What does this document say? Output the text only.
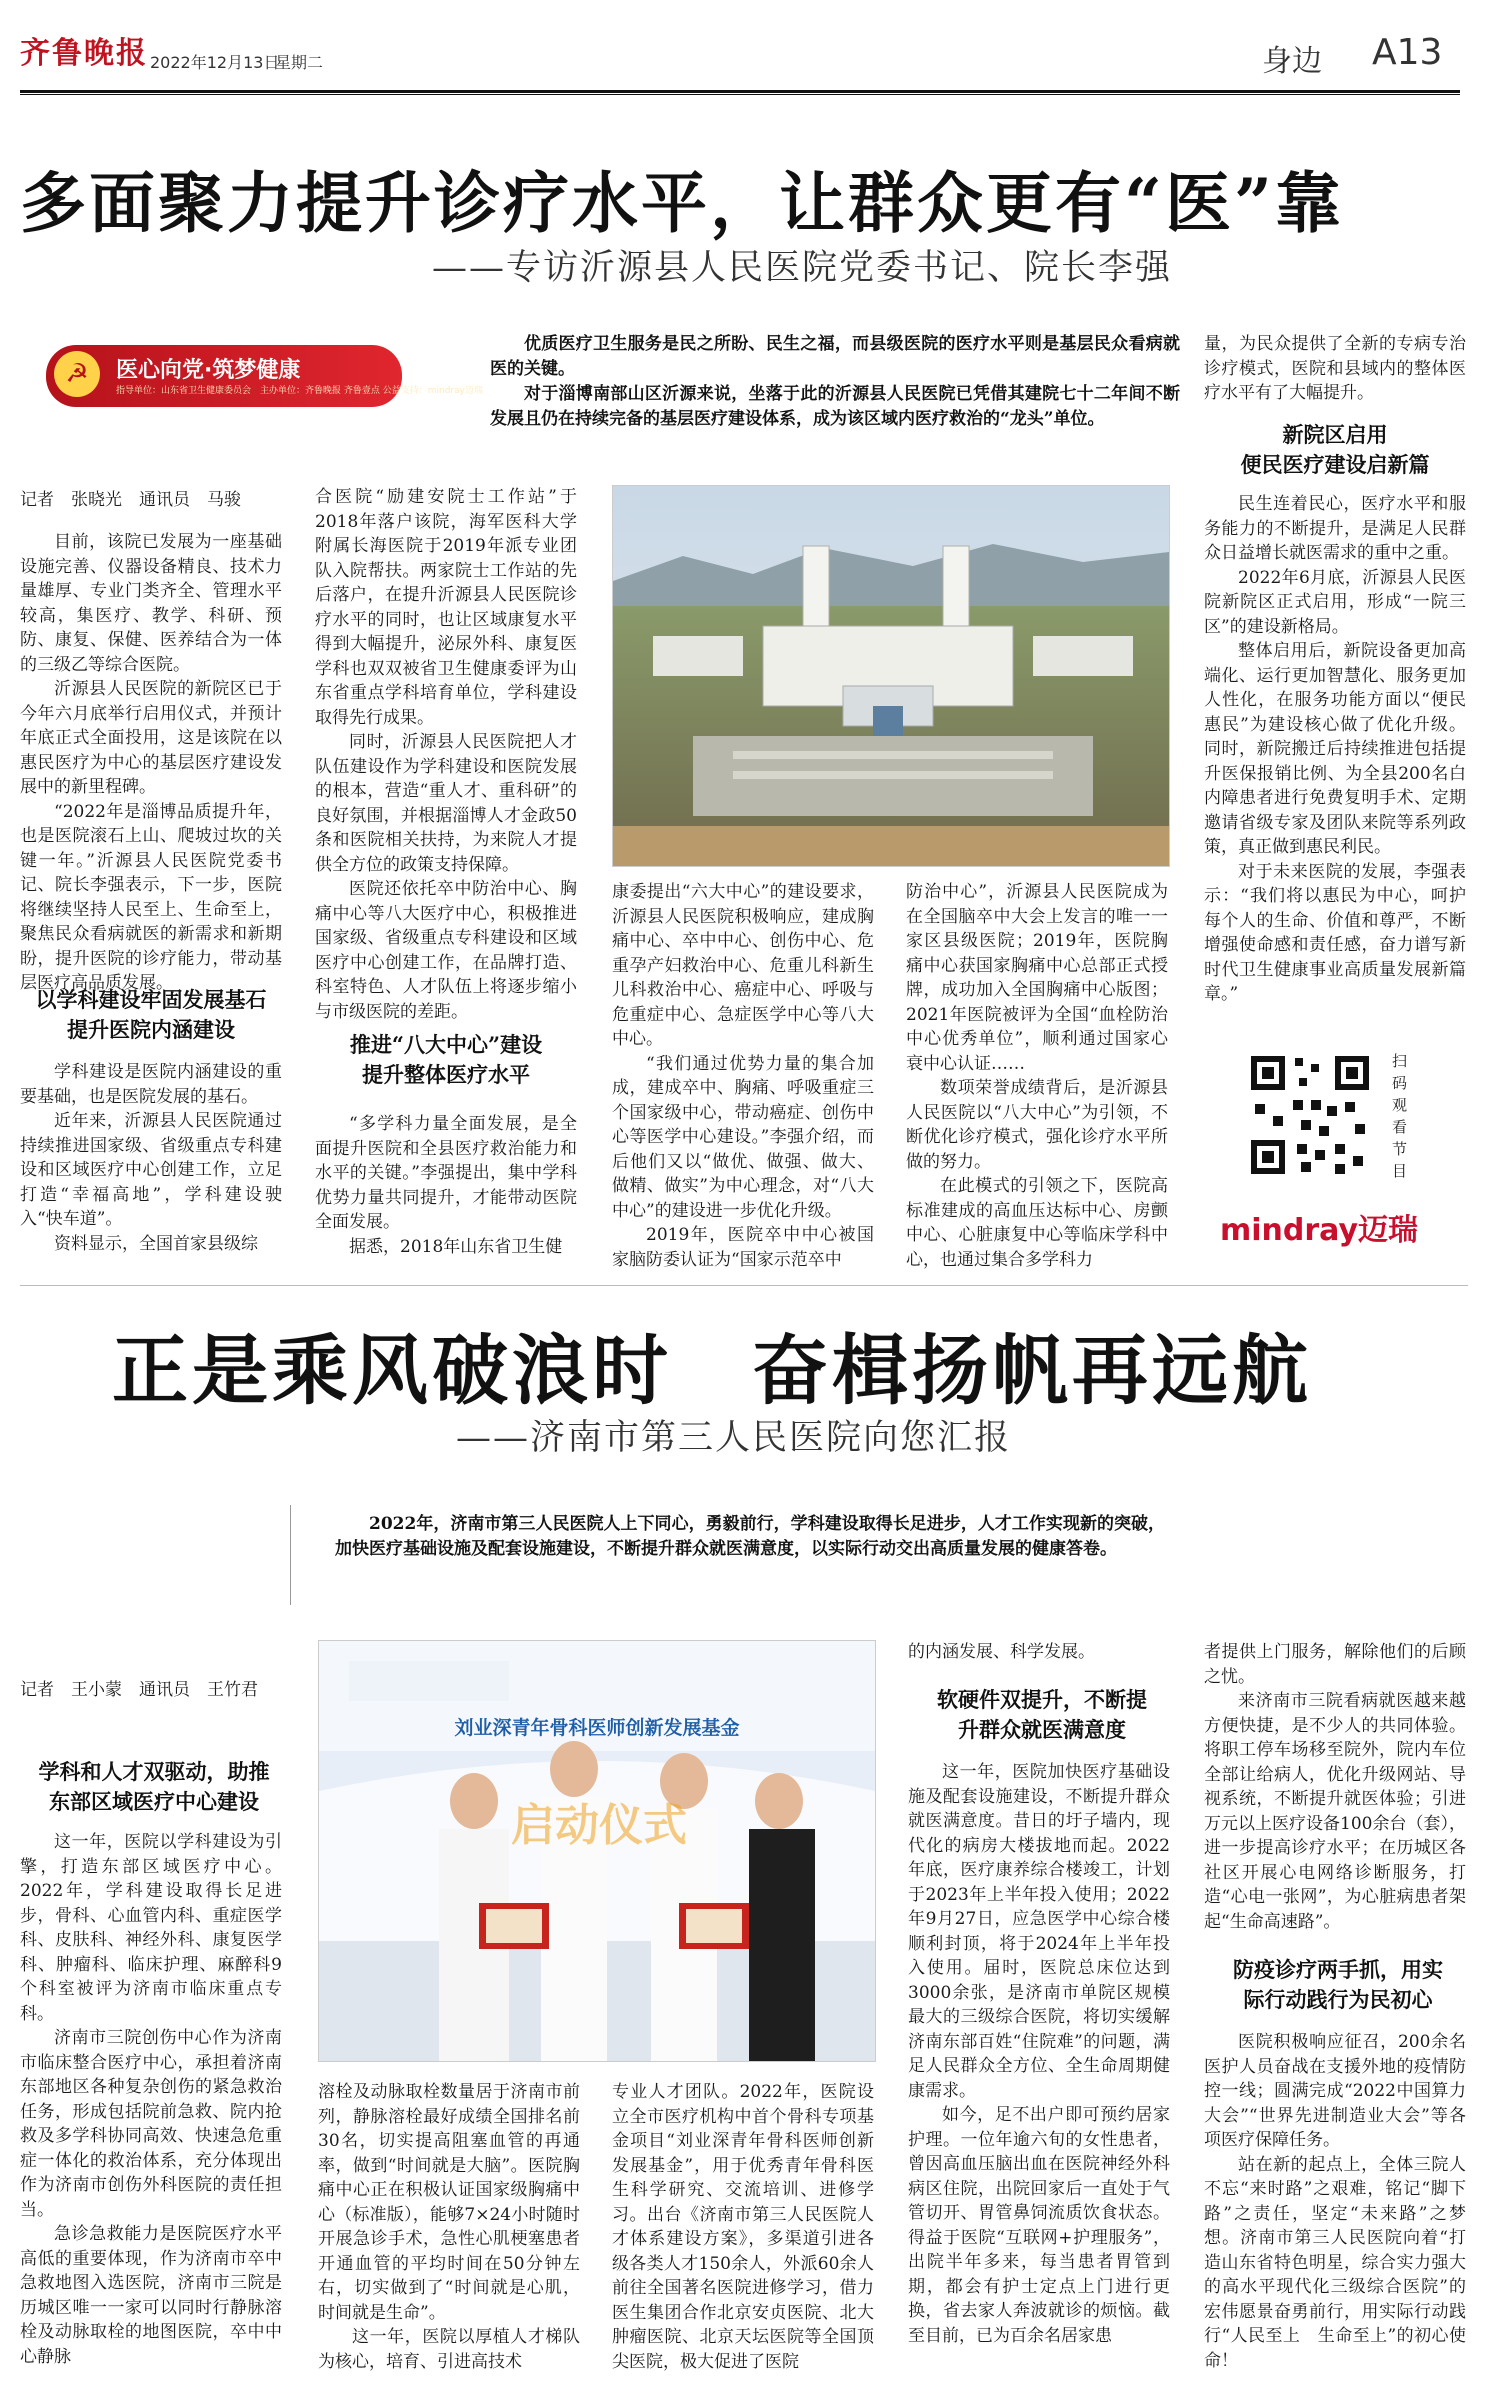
齐鲁晚报 2022年12月13日
星期二	身边 A13
多面聚力提升诊疗水平，让群众更有“医”靠
——专访沂源县人民医院党委书记、院长李强
☭	医心向党·筑梦健康
指导单位：山东省卫生健康委员会　主办单位：齐鲁晚报 齐鲁壹点 公益支持：mindray迈瑞

优质医疗卫生服务是民之所盼、民生之福，而县级医院的医疗水平则是基层民众看病就医的关键。

对于淄博南部山区沂源来说，坐落于此的沂源县人民医院已凭借其建院七十二年间不断发展且仍在持续完备的基层医疗建设体系，成为该区域内医疗救治的“龙头”单位。

记者　张晓光　通讯员　马骏

目前，该院已发展为一座基础设施完善、仪器设备精良、技术力量雄厚、专业门类齐全、管理水平较高，集医疗、教学、科研、预防、康复、保健、医养结合为一体的三级乙等综合医院。

沂源县人民医院的新院区已于今年六月底举行启用仪式，并预计年底正式全面投用，这是该院在以惠民医疗为中心的基层医疗建设发展中的新里程碑。

“2022年是淄博品质提升年，也是医院滚石上山、爬坡过坎的关键一年。”沂源县人民医院党委书记、院长李强表示，下一步，医院将继续坚持人民至上、生命至上，聚焦民众看病就医的新需求和新期盼，提升医院的诊疗能力，带动基层医疗高品质发展。

以学科建设牢固发展基石
提升医院内涵建设

学科建设是医院内涵建设的重要基础，也是医院发展的基石。

近年来，沂源县人民医院通过持续推进国家级、省级重点专科建设和区域医疗中心创建工作，立足打造“幸福高地”，学科建设驶入“快车道”。

资料显示，全国首家县级综

合医院“励建安院士工作站”于2018年落户该院，海军医科大学附属长海医院于2019年派专业团队入院帮扶。两家院士工作站的先后落户，在提升沂源县人民医院诊疗水平的同时，也让区域康复水平得到大幅提升，泌尿外科、康复医学科也双双被省卫生健康委评为山东省重点学科培育单位，学科建设取得先行成果。

同时，沂源县人民医院把人才队伍建设作为学科建设和医院发展的根本，营造“重人才、重科研”的良好氛围，并根据淄博人才金政50条和医院相关扶持，为来院人才提供全方位的政策支持保障。

医院还依托卒中防治中心、胸痛中心等八大医疗中心，积极推进国家级、省级重点专科建设和区域医疗中心创建工作，在品牌打造、科室特色、人才队伍上将逐步缩小与市级医院的差距。

推进“八大中心”建设
提升整体医疗水平

“多学科力量全面发展，是全面提升医院和全县医疗救治能力和水平的关键。”李强提出，集中学科优势力量共同提升，才能带动医院全面发展。

据悉，2018年山东省卫生健

康委提出“六大中心”的建设要求，沂源县人民医院积极响应，建成胸痛中心、卒中中心、创伤中心、危重孕产妇救治中心、危重儿科新生儿科救治中心、癌症中心、呼吸与危重症中心、急症医学中心等八大中心。

“我们通过优势力量的集合加成，建成卒中、胸痛、呼吸重症三个国家级中心，带动癌症、创伤中心等医学中心建设。”李强介绍，而后他们又以“做优、做强、做大、做精、做实”为中心理念，对“八大中心”的建设进一步优化升级。

2019年，医院卒中中心被国家脑防委认证为“国家示范卒中

防治中心”，沂源县人民医院成为在全国脑卒中大会上发言的唯一一家区县级医院；2019年，医院胸痛中心获国家胸痛中心总部正式授牌，成功加入全国胸痛中心版图；2021年医院被评为全国“血栓防治中心优秀单位”，顺利通过国家心衰中心认证……

数项荣誉成绩背后，是沂源县人民医院以“八大中心”为引领，不断优化诊疗模式，强化诊疗水平所做的努力。

在此模式的引领之下，医院高标准建成的高血压达标中心、房颤中心、心脏康复中心等临床学科中心，也通过集合多学科力

量，为民众提供了全新的专病专治诊疗模式，医院和县域内的整体医疗水平有了大幅提升。

新院区启用
便民医疗建设启新篇

民生连着民心，医疗水平和服务能力的不断提升，是满足人民群众日益增长就医需求的重中之重。

2022年6月底，沂源县人民医院新院区正式启用，形成“一院三区”的建设新格局。

整体启用后，新院设备更加高端化、运行更加智慧化、服务更加人性化，在服务功能方面以“便民惠民”为建设核心做了优化升级。同时，新院搬迁后持续推进包括提升医保报销比例、为全县200名白内障患者进行免费复明手术、定期邀请省级专家及团队来院等系列政策，真正做到惠民利民。

对于未来医院的发展，李强表示：“我们将以惠民为中心，呵护每个人的生命、价值和尊严，不断增强使命感和责任感，奋力谱写新时代卫生健康事业高质量发展新篇章。”

扫码观看节目
mindray迈瑞
正是乘风破浪时　奋楫扬帆再远航
——济南市第三人民医院向您汇报

2022年，济南市第三人民医院人上下同心，勇毅前行，学科建设取得长足进步，人才工作实现新的突破，加快医疗基础设施及配套设施建设，不断提升群众就医满意度，以实际行动交出高质量发展的健康答卷。

记者　王小蒙　通讯员　王竹君
学科和人才双驱动，助推
东部区域医疗中心建设

这一年，医院以学科建设为引擎，打造东部区域医疗中心。2022年，学科建设取得长足进步，骨科、心血管内科、重症医学科、皮肤科、神经外科、康复医学科、肿瘤科、临床护理、麻醉科9个科室被评为济南市临床重点专科。

济南市三院创伤中心作为济南市临床整合医疗中心，承担着济南东部地区各种复杂创伤的紧急救治任务，形成包括院前急救、院内抢救及多学科协同高效、快速急危重症一体化的救治体系，充分体现出作为济南市创伤外科医院的责任担当。

急诊急救能力是医院医疗水平高低的重要体现，作为济南市卒中急救地图入选医院，济南市三院是历城区唯一一家可以同时行静脉溶栓及动脉取栓的地图医院，卒中中心静脉

刘业深青年骨科医师创新发展基金
启动仪式

溶栓及动脉取栓数量居于济南市前列，静脉溶栓最好成绩全国排名前30名，切实提高阻塞血管的再通率，做到“时间就是大脑”。医院胸痛中心正在积极认证国家级胸痛中心（标准版），能够7×24小时随时开展急诊手术，急性心肌梗塞患者开通血管的平均时间在50分钟左右，切实做到了“时间就是心肌，时间就是生命”。

这一年，医院以厚植人才梯队为核心，培育、引进高技术

专业人才团队。2022年，医院设立全市医疗机构中首个骨科专项基金项目“刘业深青年骨科医师创新发展基金”，用于优秀青年骨科医生科学研究、交流培训、进修学习。出台《济南市第三人民医院人才体系建设方案》，多渠道引进各级各类人才150余人，外派60余人前往全国著名医院进修学习，借力医生集团合作北京安贞医院、北大肿瘤医院、北京天坛医院等全国顶尖医院，极大促进了医院

的内涵发展、科学发展。

软硬件双提升，不断提
升群众就医满意度

这一年，医院加快医疗基础设施及配套设施建设，不断提升群众就医满意度。昔日的圩子墙内，现代化的病房大楼拔地而起。2022年底，医疗康养综合楼竣工，计划于2023年上半年投入使用；2022年9月27日，应急医学中心综合楼顺利封顶，将于2024年上半年投入使用。届时，医院总床位达到3000余张，是济南市单院区规模最大的三级综合医院，将切实缓解济南东部百姓“住院难”的问题，满足人民群众全方位、全生命周期健康需求。

如今，足不出户即可预约居家护理。一位年逾六旬的女性患者，曾因高血压脑出血在医院神经外科病区住院，出院回家后一直处于气管切开、胃管鼻饲流质饮食状态。得益于医院“互联网+护理服务”，出院半年多来，每当患者胃管到期，都会有护士定点上门进行更换，省去家人奔波就诊的烦恼。截至目前，已为百余名居家患

者提供上门服务，解除他们的后顾之忧。

来济南市三院看病就医越来越方便快捷，是不少人的共同体验。将职工停车场移至院外，院内车位全部让给病人，优化升级网站、导视系统，不断提升就医体验；引进万元以上医疗设备100余台（套），进一步提高诊疗水平；在历城区各社区开展心电网络诊断服务，打造“心电一张网”，为心脏病患者架起“生命高速路”。

防疫诊疗两手抓，用实
际行动践行为民初心

医院积极响应征召，200余名医护人员奋战在支援外地的疫情防控一线；圆满完成“2022中国算力大会”“世界先进制造业大会”等各项医疗保障任务。

站在新的起点上，全体三院人不忘“来时路”之艰难，铭记“脚下路”之责任，坚定“未来路”之梦想。济南市第三人民医院向着“打造山东省特色明星，综合实力强大的高水平现代化三级综合医院”的宏伟愿景奋勇前行，用实际行动践行“人民至上　生命至上”的初心使命！
